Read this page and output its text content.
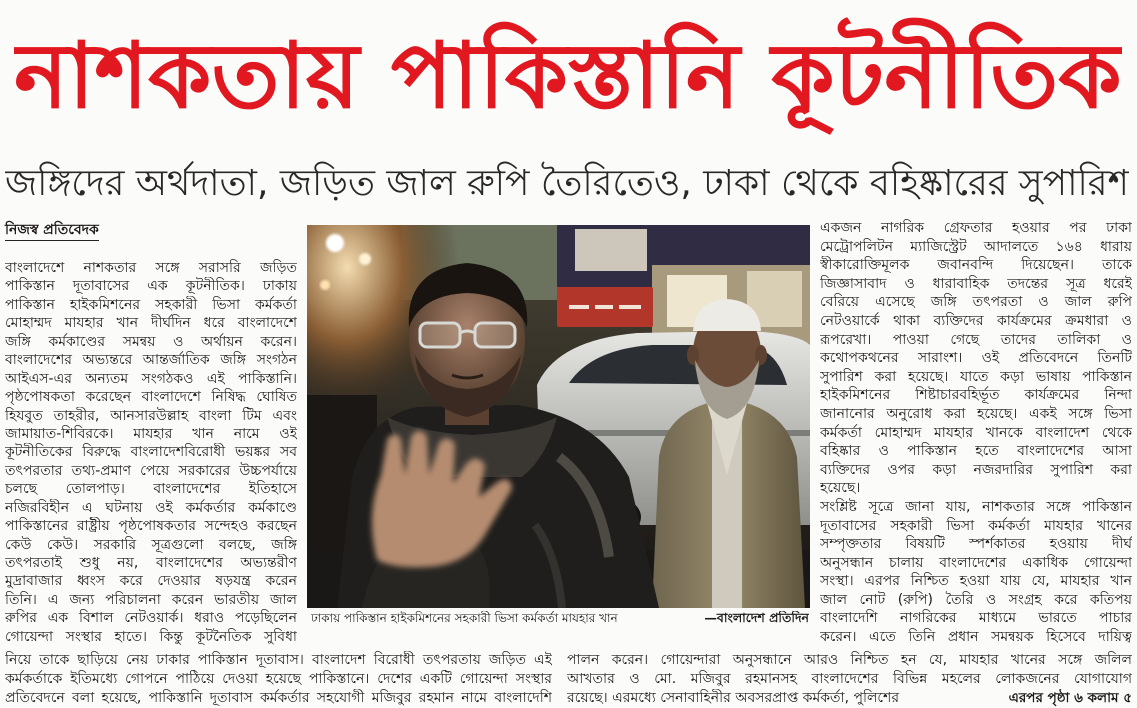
নাশকতায় পাকিস্তানি কূটনীতিক
জঙ্গিদের অর্থদাতা, জড়িত জাল রুপি তৈরিতেও, ঢাকা থেকে বহিষ্কারের সুপারিশ
নিজস্ব প্রতিবেদক
বাংলাদেশে নাশকতার সঙ্গে সরাসরি জড়িত
পাকিস্তান দূতাবাসের এক কূটনীতিক। ঢাকায়
পাকিস্তান হাইকমিশনের সহকারী ভিসা কর্মকর্তা
মোহাম্মদ মাযহার খান দীর্ঘদিন ধরে বাংলাদেশে
জঙ্গি কর্মকাণ্ডের সমন্বয় ও অর্থায়ন করেন।
বাংলাদেশের অভ্যন্তরে আন্তর্জাতিক জঙ্গি সংগঠন
আইএস-এর অন্যতম সংগঠকও এই পাকিস্তানি।
পৃষ্ঠপোষকতা করেছেন বাংলাদেশে নিষিদ্ধ ঘোষিত
হিযবুত তাহরীর, আনসারউল্লাহ বাংলা টিম এবং
জামায়াত-শিবিরকে। মাযহার খান নামে ওই
কূটনীতিকের বিরুদ্ধে বাংলাদেশবিরোধী ভয়ঙ্কর সব
তৎপরতার তথ্য-প্রমাণ পেয়ে সরকারের উচ্চপর্যায়ে
চলছে তোলপাড়। বাংলাদেশের ইতিহাসে
নজিরবিহীন এ ঘটনায় ওই কর্মকর্তার কর্মকাণ্ডে
পাকিস্তানের রাষ্ট্রীয় পৃষ্ঠপোষকতার সন্দেহও করছেন
কেউ কেউ। সরকারি সূত্রগুলো বলছে, জঙ্গি
তৎপরতাই শুধু নয়, বাংলাদেশের অভ্যন্তরীণ
মুদ্রাবাজার ধ্বংস করে দেওয়ার ষড়যন্ত্র করেন
তিনি। এ জন্য পরিচালনা করেন ভারতীয় জাল
রুপির এক বিশাল নেটওয়ার্ক। ধরাও পড়েছিলেন
গোয়েন্দা সংস্থার হাতে। কিন্তু কূটনৈতিক সুবিধা
ঢাকায় পাকিস্তান হাইকমিশনের সহকারী ভিসা কর্মকর্তা মাযহার খান	—বাংলাদেশ প্রতিদিন
একজন নাগরিক গ্রেফতার হওয়ার পর ঢাকা
মেট্রোপলিটন ম্যাজিস্ট্রেট আদালতে ১৬৪ ধারায়
স্বীকারোক্তিমূলক জবানবন্দি দিয়েছেন। তাকে
জিজ্ঞাসাবাদ ও ধারাবাহিক তদন্তের সূত্র ধরেই
বেরিয়ে এসেছে জঙ্গি তৎপরতা ও জাল রুপি
নেটওয়ার্কে থাকা ব্যক্তিদের কার্যক্রমের ক্রমধারা ও
রূপরেখা। পাওয়া গেছে তাদের তালিকা ও
কথোপকথনের সারাংশ। ওই প্রতিবেদনে তিনটি
সুপারিশ করা হয়েছে। যাতে কড়া ভাষায় পাকিস্তান
হাইকমিশনের শিষ্টাচারবহির্ভূত কার্যক্রমের নিন্দা
জানানোর অনুরোধ করা হয়েছে। একই সঙ্গে ভিসা
কর্মকর্তা মোহাম্মদ মাযহার খানকে বাংলাদেশ থেকে
বহিষ্কার ও পাকিস্তান হতে বাংলাদেশের আসা
ব্যক্তিদের ওপর কড়া নজরদারির সুপারিশ করা
হয়েছে।
সংশ্লিষ্ট সূত্রে জানা যায়, নাশকতার সঙ্গে পাকিস্তান
দূতাবাসের সহকারী ভিসা কর্মকর্তা মাযহার খানের
সম্পৃক্ততার বিষয়টি স্পর্শকাতর হওয়ায় দীর্ঘ
অনুসন্ধান চালায় বাংলাদেশের একাধিক গোয়েন্দা
সংস্থা। এরপর নিশ্চিত হওয়া যায় যে, মাযহার খান
জাল নোট (রুপি) তৈরি ও সংগ্রহ করে কতিপয়
বাংলাদেশি নাগরিকের মাধ্যমে ভারতে পাচার
করেন। এতে তিনি প্রধান সমন্বয়ক হিসেবে দায়িত্ব
নিয়ে তাকে ছাড়িয়ে নেয় ঢাকার পাকিস্তান দূতাবাস। বাংলাদেশ বিরোধী তৎপরতায় জড়িত এই
কর্মকর্তাকে ইতিমধ্যে গোপনে পাঠিয়ে দেওয়া হয়েছে পাকিস্তানে। দেশের একটি গোয়েন্দা সংস্থার
প্রতিবেদনে বলা হয়েছে, পাকিস্তানি দূতাবাস কর্মকর্তার সহযোগী মজিবুর রহমান নামে বাংলাদেশি
পালন করেন। গোয়েন্দারা অনুসন্ধানে আরও নিশ্চিত হন যে, মাযহার খানের সঙ্গে জলিল
আখতার ও মো. মজিবুর রহমানসহ বাংলাদেশের বিভিন্ন মহলের লোকজনের যোগাযোগ
রয়েছে। এরমধ্যে সেনাবাহিনীর অবসরপ্রাপ্ত কর্মকর্তা, পুলিশের	এরপর পৃষ্ঠা ৬ কলাম ৫
